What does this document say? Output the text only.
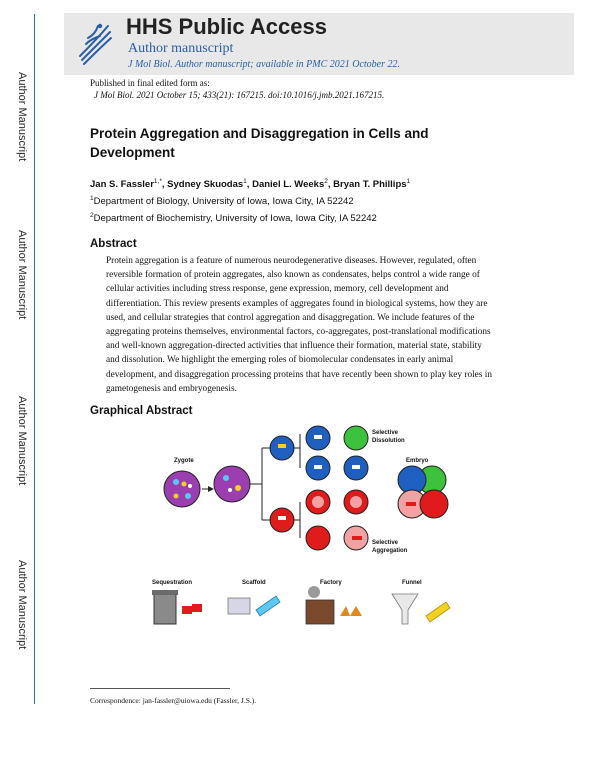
Author Manuscript
Author Manuscript
Author Manuscript
Author Manuscript
HHS Public Access
Author manuscript
J Mol Biol. Author manuscript; available in PMC 2021 October 22.
Published in final edited form as:
J Mol Biol. 2021 October 15; 433(21): 167215. doi:10.1016/j.jmb.2021.167215.
Protein Aggregation and Disaggregation in Cells and Development
Jan S. Fassler$^{1,*}$, Sydney Skuodas$^1$, Daniel L. Weeks$^2$, Bryan T. Phillips$^1$
$^1$Department of Biology, University of Iowa, Iowa City, IA 52242
$^2$Department of Biochemistry, University of Iowa, Iowa City, IA 52242
Abstract
Protein aggregation is a feature of numerous neurodegenerative diseases. However, regulated, often reversible formation of protein aggregates, also known as condensates, helps control a wide range of cellular activities including stress response, gene expression, memory, cell development and differentiation. This review presents examples of aggregates found in biological systems, how they are used, and cellular strategies that control aggregation and disaggregation. We include features of the aggregating proteins themselves, environmental factors, co-aggregates, post-translational modifications and well-known aggregation-directed activities that influence their formation, material state, stability and dissolution. We highlight the emerging roles of biomolecular condensates in early animal development, and disaggregation processing proteins that have recently been shown to play key roles in gametogenesis and embryogenesis.
Graphical Abstract
Zygote
Selective
Dissolution
Selective
Aggregation
Embryo
Sequestration	Scaffold	Factory	Funnel
Correspondence: jan-fassler@uiowa.edu (Fassler, J.S.).
